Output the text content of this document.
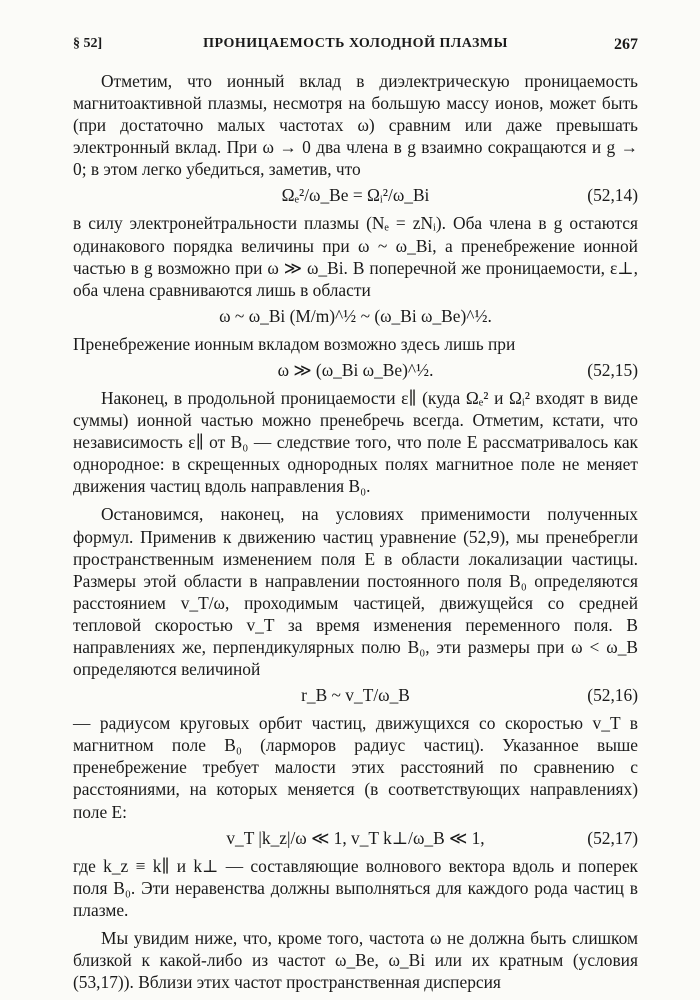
§ 52]	ПРОНИЦАЕМОСТЬ ХОЛОДНОЙ ПЛАЗМЫ	267

Отметим, что ионный вклад в диэлектрическую проницаемость магнитоактивной плазмы, несмотря на большую массу ионов, может быть (при достаточно малых частотах ω) сравним или даже превышать электронный вклад. При ω → 0 два члена в g взаимно сокращаются и g → 0; в этом легко убедиться, заметив, что

Ωₑ²/ω_Be = Ωᵢ²/ω_Bi	(52,14)

в силу электронейтральности плазмы (Nₑ = zNᵢ). Оба члена в g остаются одинакового порядка величины при ω ~ ω_Bi, а пренебрежение ионной частью в g возможно при ω ≫ ω_Bi. В поперечной же проницаемости, ε⊥, оба члена сравниваются лишь в области

ω ~ ω_Bi (M/m)^½ ~ (ω_Bi ω_Be)^½.

Пренебрежение ионным вкладом возможно здесь лишь при

ω ≫ (ω_Bi ω_Be)^½.	(52,15)

Наконец, в продольной проницаемости ε∥ (куда Ωₑ² и Ωᵢ² входят в виде суммы) ионной частью можно пренебречь всегда. Отметим, кстати, что независимость ε∥ от B₀ — следствие того, что поле E рассматривалось как однородное: в скрещенных однородных полях магнитное поле не меняет движения частиц вдоль направления B₀.

Остановимся, наконец, на условиях применимости полученных формул. Применив к движению частиц уравнение (52,9), мы пренебрегли пространственным изменением поля E в области локализации частицы. Размеры этой области в направлении постоянного поля B₀ определяются расстоянием v_T/ω, проходимым частицей, движущейся со средней тепловой скоростью v_T за время изменения переменного поля. В направлениях же, перпендикулярных полю B₀, эти размеры при ω < ω_B определяются величиной

r_B ~ v_T/ω_B	(52,16)

— радиусом круговых орбит частиц, движущихся со скоростью v_T в магнитном поле B₀ (ларморов радиус частиц). Указанное выше пренебрежение требует малости этих расстояний по сравнению с расстояниями, на которых меняется (в соответствующих направлениях) поле E:

v_T |k_z|/ω ≪ 1, v_T k⊥/ω_B ≪ 1,	(52,17)

где k_z ≡ k∥ и k⊥ — составляющие волнового вектора вдоль и поперек поля B₀. Эти неравенства должны выполняться для каждого рода частиц в плазме.

Мы увидим ниже, что, кроме того, частота ω не должна быть слишком близкой к какой-либо из частот ω_Be, ω_Bi или их кратным (условия (53,17)). Вблизи этих частот пространственная дисперсия
